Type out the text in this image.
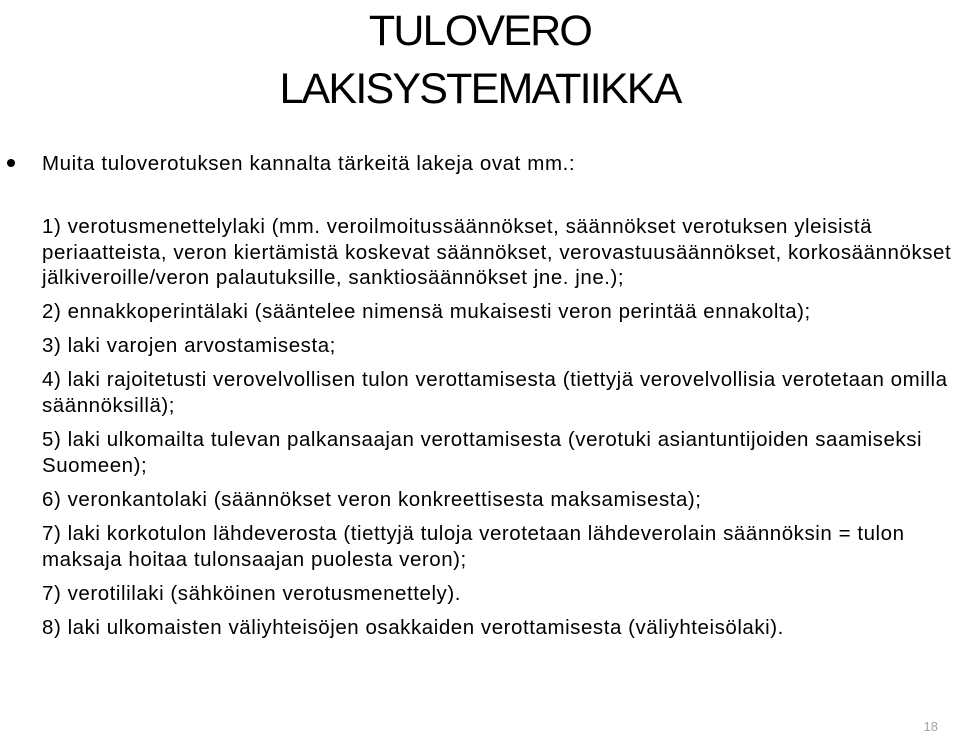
TULOVERO
LAKISYSTEMATIIKKA
Muita tuloverotuksen kannalta tärkeitä lakeja ovat mm.:

1) verotusmenettelylaki (mm. veroilmoitussäännökset, säännökset verotuksen yleisistä periaatteista, veron kiertämistä koskevat säännökset, verovastuusäännökset, korkosäännökset jälkiveroille/veron palautuksille, sanktiosäännökset jne. jne.);

2) ennakkoperintälaki (sääntelee nimensä mukaisesti veron perintää ennakolta);

3) laki varojen arvostamisesta;

4) laki rajoitetusti verovelvollisen tulon verottamisesta (tiettyjä verovelvollisia verotetaan omilla säännöksillä);

5) laki ulkomailta tulevan palkansaajan verottamisesta (verotuki asiantuntijoiden saamiseksi Suomeen);

6) veronkantolaki (säännökset veron konkreettisesta maksamisesta);

7) laki korkotulon lähdeverosta (tiettyjä tuloja verotetaan lähdeverolain säännöksin = tulon maksaja hoitaa tulonsaajan puolesta veron);

7) verotililaki (sähköinen verotusmenettely).

8) laki ulkomaisten väliyhteisöjen osakkaiden verottamisesta (väliyhteisölaki).

18
